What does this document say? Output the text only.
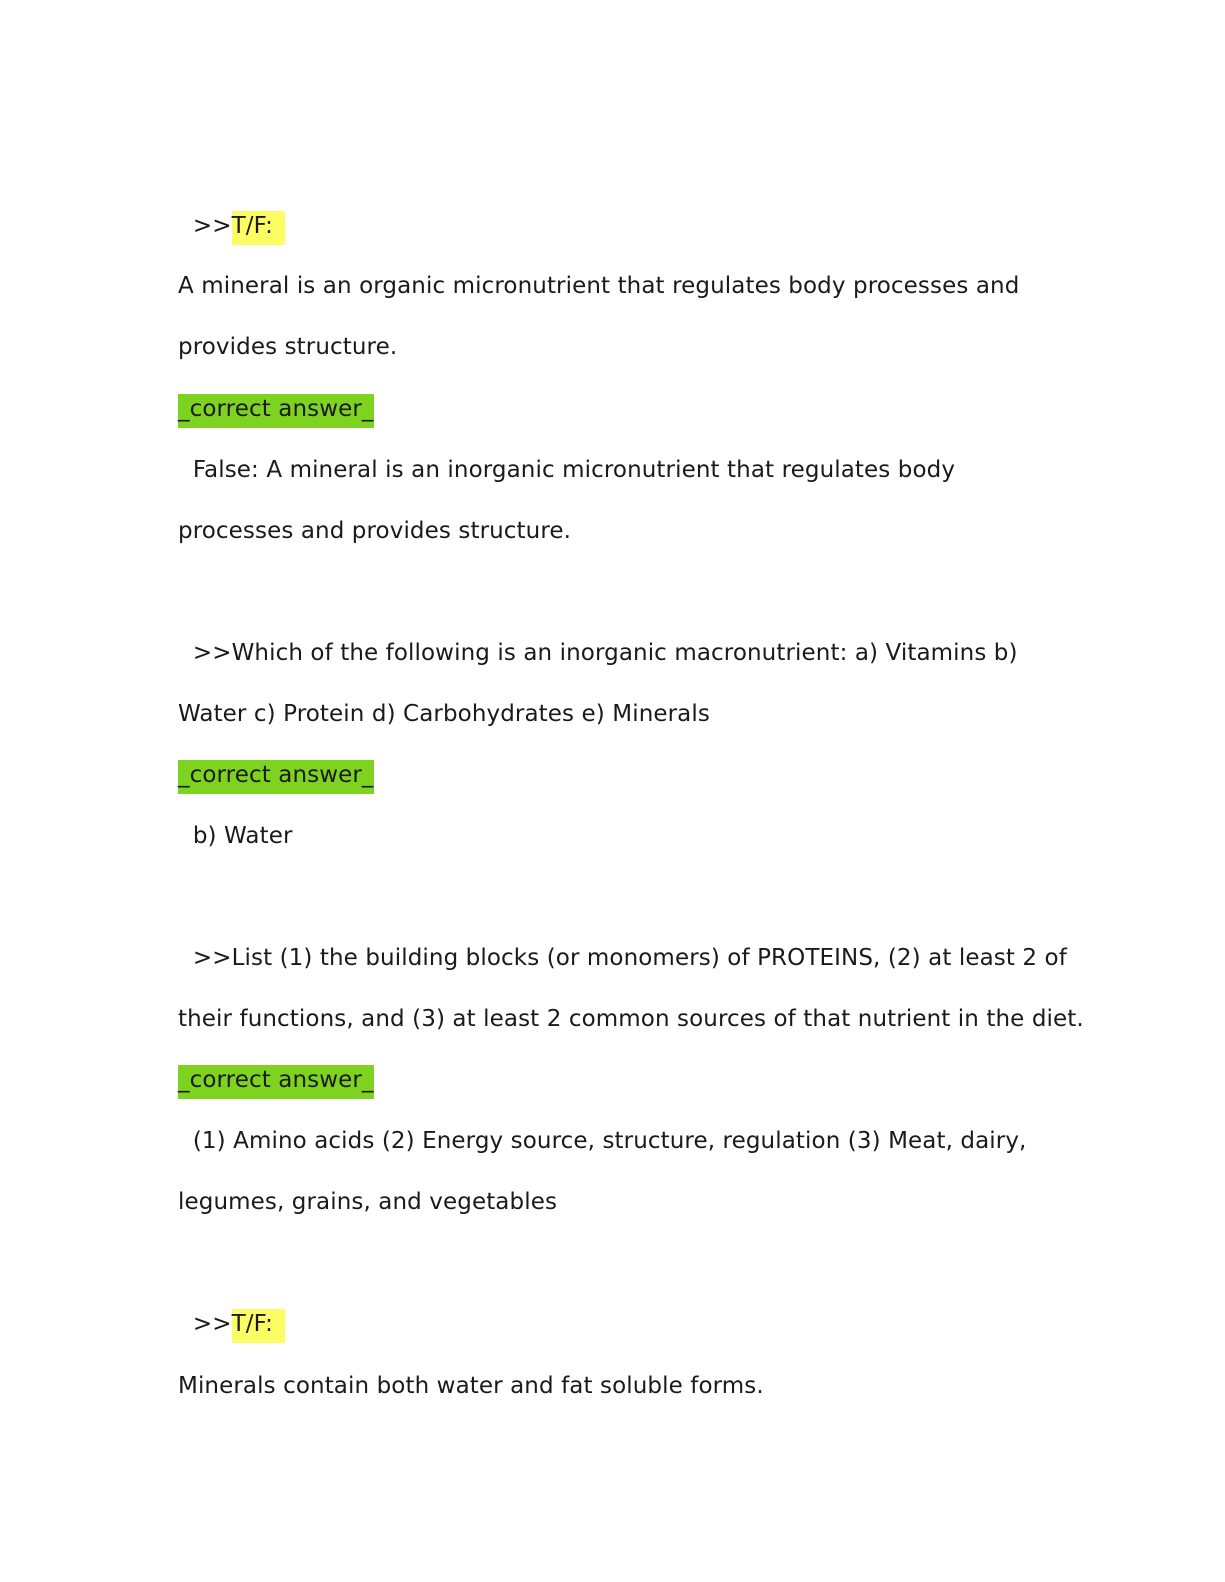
>>T/F:
A mineral is an organic micronutrient that regulates body processes and
provides structure.
_correct answer_
False: A mineral is an inorganic micronutrient that regulates body
processes and provides structure.
>>Which of the following is an inorganic macronutrient: a) Vitamins b)
Water c) Protein d) Carbohydrates e) Minerals
_correct answer_
b) Water
>>List (1) the building blocks (or monomers) of PROTEINS, (2) at least 2 of
their functions, and (3) at least 2 common sources of that nutrient in the diet.
_correct answer_
(1) Amino acids (2) Energy source, structure, regulation (3) Meat, dairy,
legumes, grains, and vegetables
>>T/F:
Minerals contain both water and fat soluble forms.
